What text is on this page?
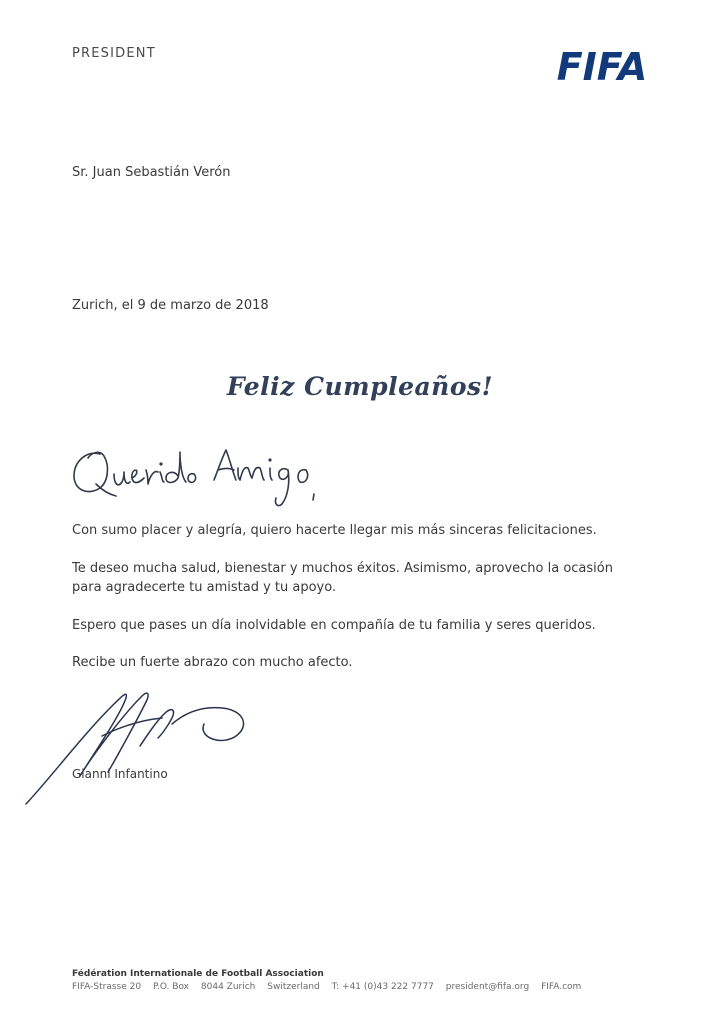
PRESIDENT	FIFA
Sr. Juan Sebastián Verón
Zurich, el 9 de marzo de 2018
Feliz Cumpleaños!

Con sumo placer y alegría, quiero hacerte llegar mis más sinceras felicitaciones.

Te deseo mucha salud, bienestar y muchos éxitos. Asimismo, aprovecho la ocasión para agradecerte tu amistad y tu apoyo.

Espero que pases un día inolvidable en compañía de tu familia y seres queridos.

Recibe un fuerte abrazo con mucho afecto.

Gianni Infantino
Fédération Internationale de Football Association
FIFA-Strasse 20 P.O. Box 8044 Zurich Switzerland T: +41 (0)43 222 7777 president@fifa.org FIFA.com
